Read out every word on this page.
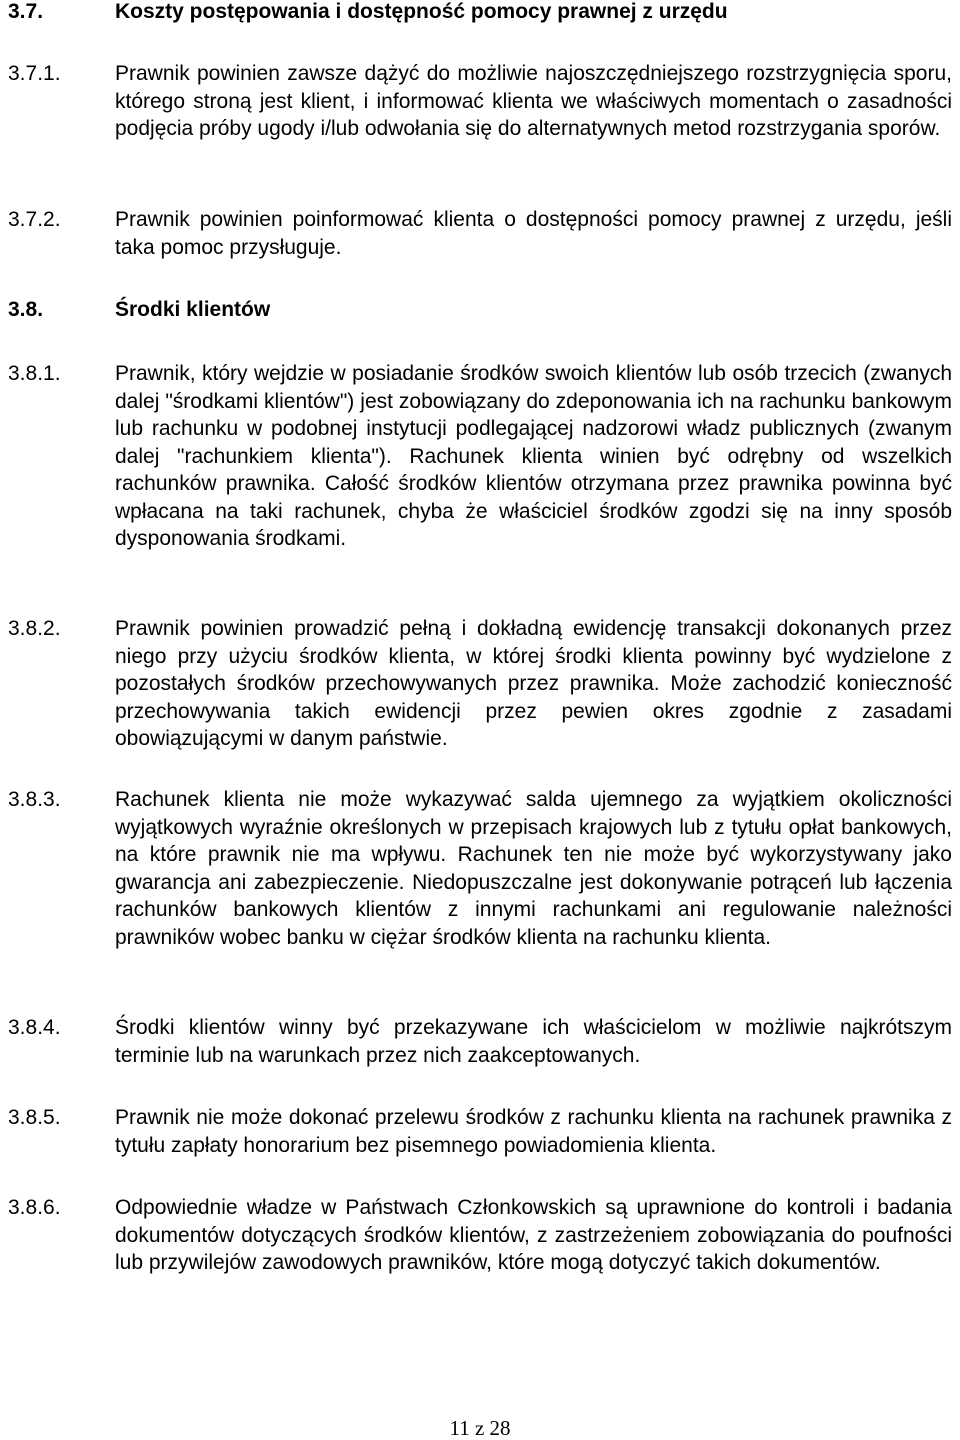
3.7.	Koszty postępowania i dostępność pomocy prawnej z urzędu
3.7.1.	Prawnik powinien zawsze dążyć do możliwie najoszczędniejszego rozstrzygnięcia sporu, którego stroną jest klient, i informować klienta we właściwych momentach o zasadności podjęcia próby ugody i/lub odwołania się do alternatywnych metod rozstrzygania sporów.
3.7.2.	Prawnik powinien poinformować klienta o dostępności pomocy prawnej z urzędu, jeśli taka pomoc przysługuje.
3.8.	Środki klientów
3.8.1.	Prawnik, który wejdzie w posiadanie środków swoich klientów lub osób trzecich (zwanych dalej "środkami klientów") jest zobowiązany do zdeponowania ich na rachunku bankowym lub rachunku w podobnej instytucji podlegającej nadzorowi władz publicznych (zwanym dalej "rachunkiem klienta"). Rachunek klienta winien być odrębny od wszelkich rachunków prawnika. Całość środków klientów otrzymana przez prawnika powinna być wpłacana na taki rachunek, chyba że właściciel środków zgodzi się na inny sposób dysponowania środkami.
3.8.2.	Prawnik powinien prowadzić pełną i dokładną ewidencję transakcji dokonanych przez niego przy użyciu środków klienta, w której środki klienta powinny być wydzielone z pozostałych środków przechowywanych przez prawnika. Może zachodzić konieczność przechowywania takich ewidencji przez pewien okres zgodnie z zasadami obowiązującymi w danym państwie.
3.8.3.	Rachunek klienta nie może wykazywać salda ujemnego za wyjątkiem okoliczności wyjątkowych wyraźnie określonych w przepisach krajowych lub z tytułu opłat bankowych, na które prawnik nie ma wpływu. Rachunek ten nie może być wykorzystywany jako gwarancja ani zabezpieczenie. Niedopuszczalne jest dokonywanie potrąceń lub łączenia rachunków bankowych klientów z innymi rachunkami ani regulowanie należności prawników wobec banku w ciężar środków klienta na rachunku klienta.
3.8.4.	Środki klientów winny być przekazywane ich właścicielom w możliwie najkrótszym terminie lub na warunkach przez nich zaakceptowanych.
3.8.5.	Prawnik nie może dokonać przelewu środków z rachunku klienta na rachunek prawnika z tytułu zapłaty honorarium bez pisemnego powiadomienia klienta.
3.8.6.	Odpowiednie władze w Państwach Członkowskich są uprawnione do kontroli i badania dokumentów dotyczących środków klientów, z zastrzeżeniem zobowiązania do poufności lub przywilejów zawodowych prawników, które mogą dotyczyć takich dokumentów.
11 z 28
